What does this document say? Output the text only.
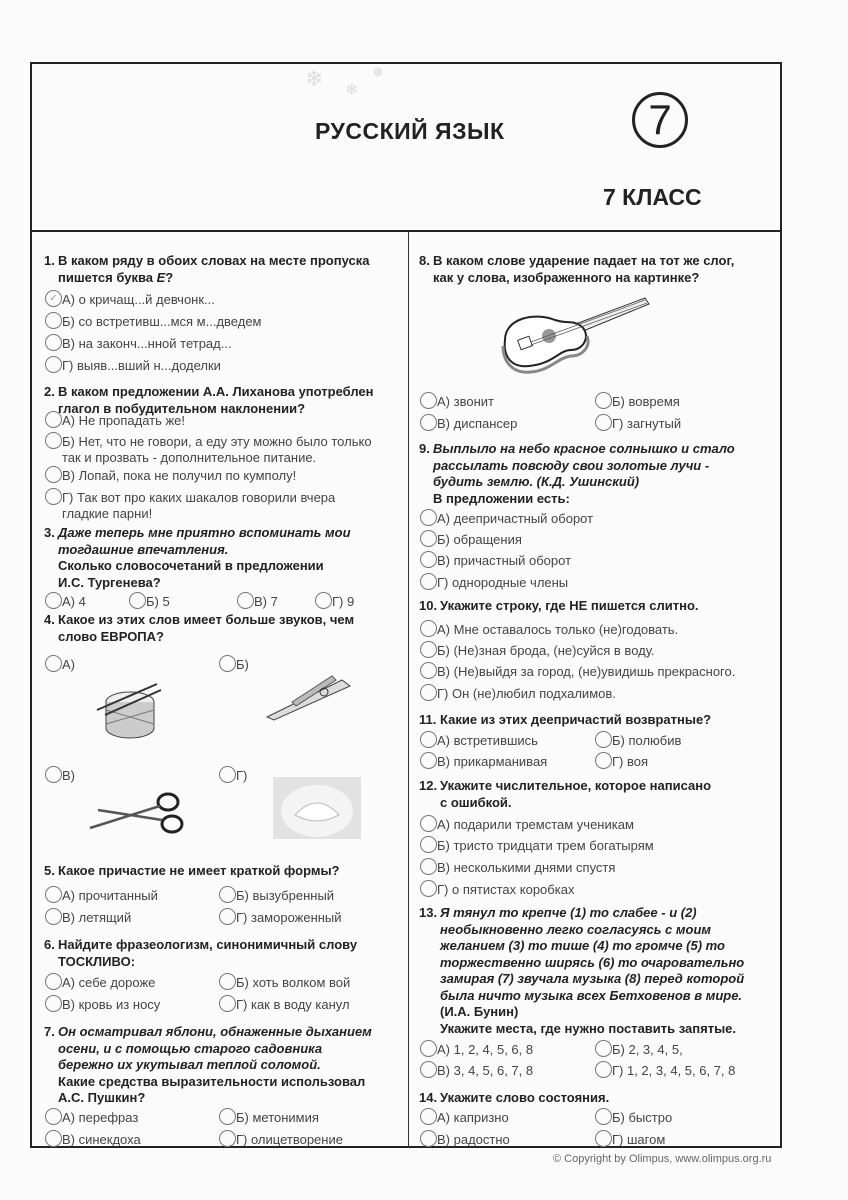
❄ ❄
❅
РУССКИЙ ЯЗЫК	7
7 КЛАСС
1. В каком ряду в обоих словах на месте пропуска
пишется буква Е?
✓ А) о кричащ...й девчонк...
Б) со встретивш...мся м...дведем
В) на законч...нной тетрад...
Г) выяв...вший н...доделки
2. В каком предложении А.А. Лиханова употреблен
глагол в побудительном наклонении?
А) Не пропадать же!
Б) Нет, что не говори, а еду эту можно было только
так и прозвать - дополнительное питание.
В) Лопай, пока не получил по кумполу!
Г) Так вот про каких шакалов говорили вчера
гладкие парни!
3. Даже теперь мне приятно вспоминать мои
тогдашние впечатления.
Сколько словосочетаний в предложении
И.С. Тургенева?
А) 4	Б) 5	В) 7	Г) 9
4. Какое из этих слов имеет больше звуков, чем
слово ЕВРОПА?
А)	Б)
В)	Г)
5. Какое причастие не имеет краткой формы?
А) прочитанный	Б) вызубренный
В) летящий	Г) замороженный
6. Найдите фразеологизм, синонимичный слову
ТОСКЛИВО:
А) себе дороже	Б) хоть волком вой
В) кровь из носу	Г) как в воду канул
7. Он осматривал яблони, обнаженные дыханием
осени, и с помощью старого садовника
бережно их укутывал теплой соломой.
Какие средства выразительности использовал
А.С. Пушкин?
А) перефраз	Б) метонимия
В) синекдоха	Г) олицетворение
8. В каком слове ударение падает на тот же слог,
как у слова, изображенного на картинке?
А) звонит	Б) вовремя
В) диспансер	Г) загнутый
9. Выплыло на небо красное солнышко и стало
рассылать повсюду свои золотые лучи -
будить землю. (К.Д. Ушинский)
В предложении есть:
А) деепричастный оборот
Б) обращения
В) причастный оборот
Г) однородные члены
10. Укажите строку, где НЕ пишется слитно.
А) Мне оставалось только (не)годовать.
Б) (Не)зная брода, (не)суйся в воду.
В) (Не)выйдя за город, (не)увидишь прекрасного.
Г) Он (не)любил подхалимов.
11. Какие из этих деепричастий возвратные?
А) встретившись	Б) полюбив
В) прикарманивая	Г) воя
12. Укажите числительное, которое написано
с ошибкой.
А) подарили тремстам ученикам
Б) тристо тридцати трем богатырям
В) несколькими днями спустя
Г) о пятистах коробках
13. Я тянул то крепче (1) то слабее - и (2)
необыкновенно легко согласуясь с моим
желанием (3) то тише (4) то громче (5) то
торжественно ширясь (6) то очаровательно
замирая (7) звучала музыка (8) перед которой
была ничто музыка всех Бетховенов в мире.
(И.А. Бунин)
Укажите места, где нужно поставить запятые.
А) 1, 2, 4, 5, 6, 8	Б) 2, 3, 4, 5,
В) 3, 4, 5, 6, 7, 8	Г) 1, 2, 3, 4, 5, 6, 7, 8
14. Укажите слово состояния.
А) капризно	Б) быстро
В) радостно	Г) шагом
© Copyright by Olimpus, www.olimpus.org.ru
